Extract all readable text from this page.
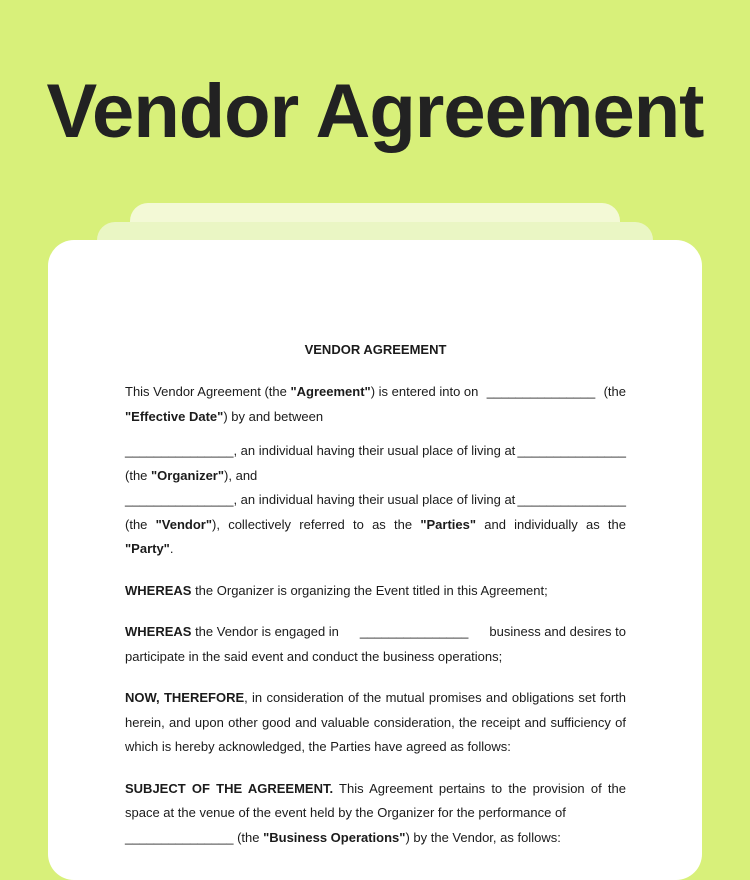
Vendor Agreement
VENDOR AGREEMENT
This Vendor Agreement (the "Agreement") is entered into on _______________ (the
"Effective Date") by and between
_______________, an individual having their usual place of living at _______________
(the "Organizer"), and
_______________, an individual having their usual place of living at _______________
(the "Vendor"), collectively referred to as the "Parties" and individually as the "Party".
WHEREAS the Organizer is organizing the Event titled in this Agreement;
WHEREAS the Vendor is engaged in _______________ business and desires to
participate in the said event and conduct the business operations;
NOW, THEREFORE, in consideration of the mutual promises and obligations set forth herein, and upon other good and valuable consideration, the receipt and sufficiency of which is hereby acknowledged, the Parties have agreed as follows:
SUBJECT OF THE AGREEMENT. This Agreement pertains to the provision of the space at the venue of the event held by the Organizer for the performance of
_______________ (the "Business Operations") by the Vendor, as follows:
